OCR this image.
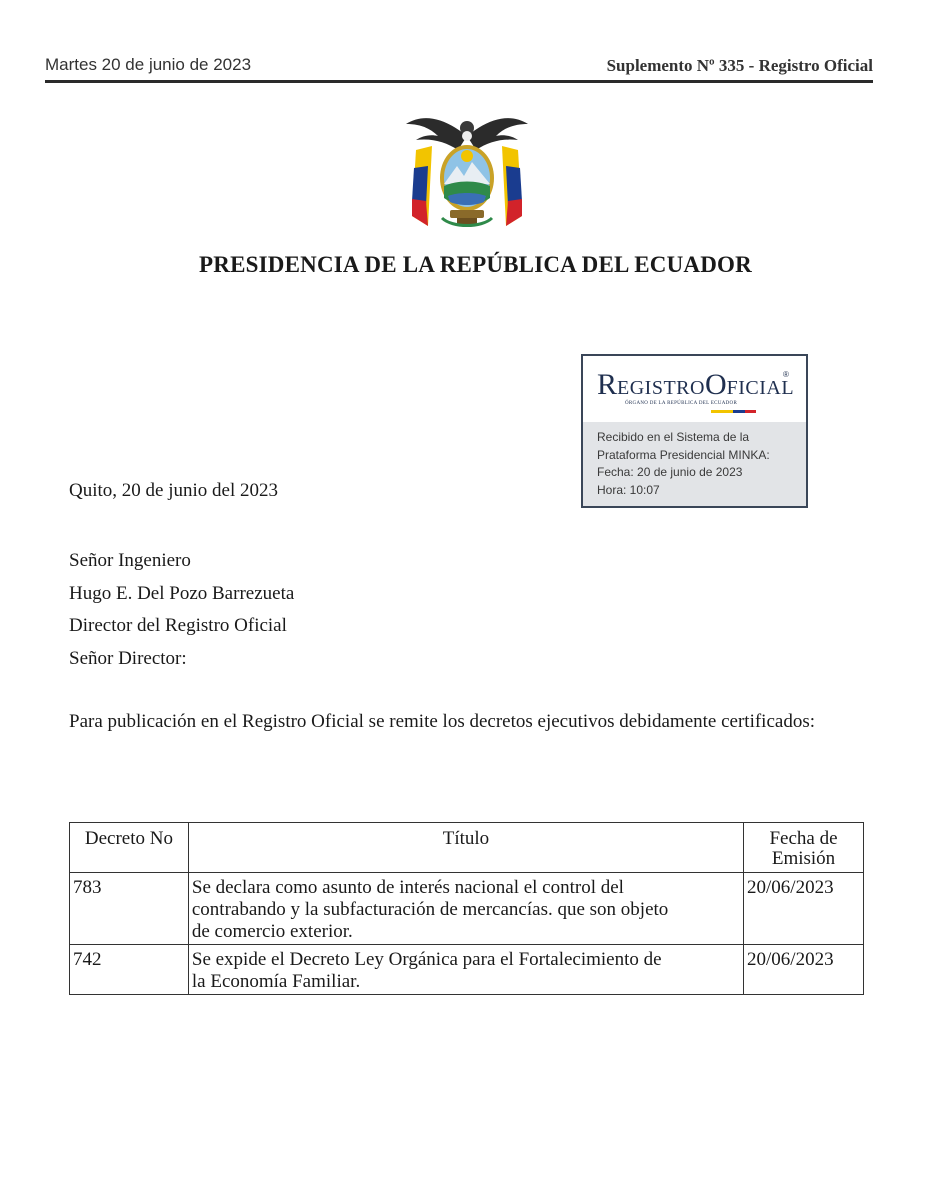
Martes 20 de junio de 2023	Suplemento Nº 335 - Registro Oficial
PRESIDENCIA DE LA REPÚBLICA DEL ECUADOR
REGISTROOFICIAL
®
ÓRGANO DE LA REPÚBLICA DEL ECUADOR
Recibido en el Sistema de la
Prataforma Presidencial MINKA:
Fecha: 20 de junio de 2023
Hora: 10:07
Quito, 20 de junio del 2023
Señor Ingeniero
Hugo E. Del Pozo Barrezueta
Director del Registro Oficial
Señor Director:
Para publicación en el Registro Oficial se remite los decretos ejecutivos debidamente certificados:
Decreto No	Título	Fecha de
Emisión

783	Se declara como asunto de interés nacional el control del
contrabando y la subfacturación de mercancías. que son objeto
de comercio exterior.	20/06/2023
742	Se expide el Decreto Ley Orgánica para el Fortalecimiento de
la Economía Familiar.	20/06/2023
